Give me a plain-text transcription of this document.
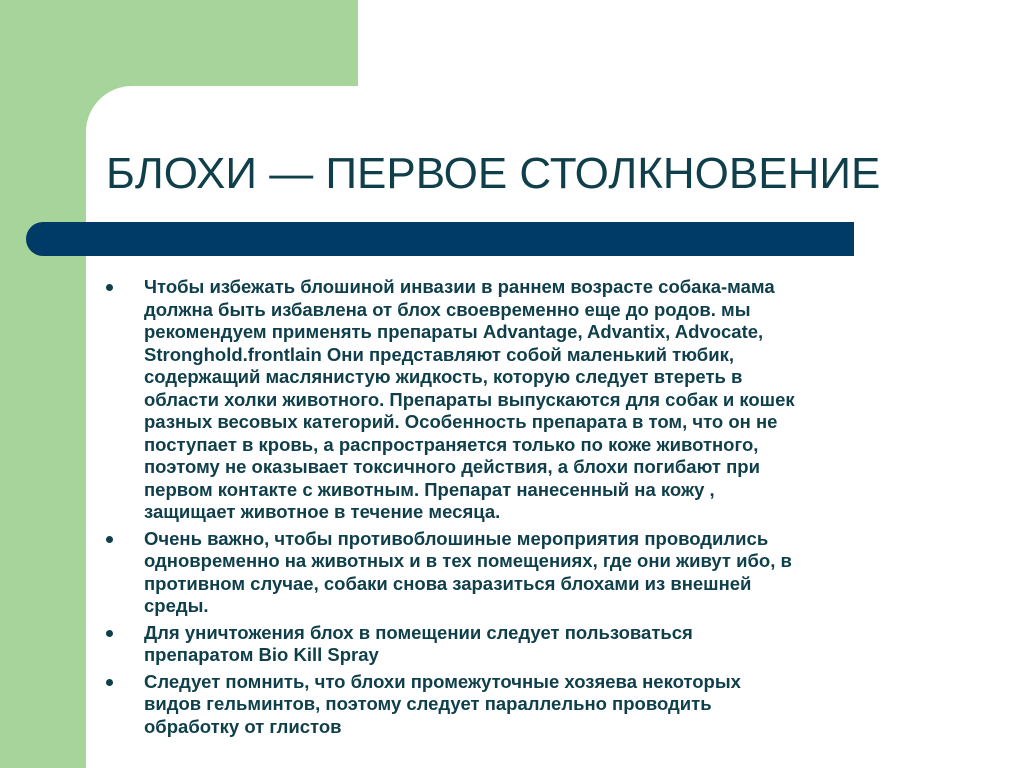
БЛОХИ — ПЕРВОЕ СТОЛКНОВЕНИЕ
Чтобы избежать блошиной инвазии в раннем возрасте собака-мама
должна быть избавлена от блох своевременно еще до родов. мы
рекомендуем применять препараты Advantage, Advantix, Advocate,
Stronghold.frontlain Они представляют собой маленький тюбик,
содержащий маслянистую жидкость, которую следует втереть в
области холки животного. Препараты выпускаются для собак и кошек
разных весовых категорий. Особенность препарата в том, что он не
поступает в кровь, а распространяется только по коже животного,
поэтому не оказывает токсичного действия, а блохи погибают при
первом контакте с животным. Препарат нанесенный на кожу ,
защищает животное в течение месяца.
Очень важно, чтобы противоблошиные мероприятия проводились
одновременно на животных и в тех помещениях, где они живут ибо, в
противном случае, собаки снова заразиться блохами из внешней
среды.
Для уничтожения блох в помещении следует пользоваться
препаратом Bio Kill Spray
Следует помнить, что блохи промежуточные хозяева некоторых
видов гельминтов, поэтому следует параллельно проводить
обработку от глистов
